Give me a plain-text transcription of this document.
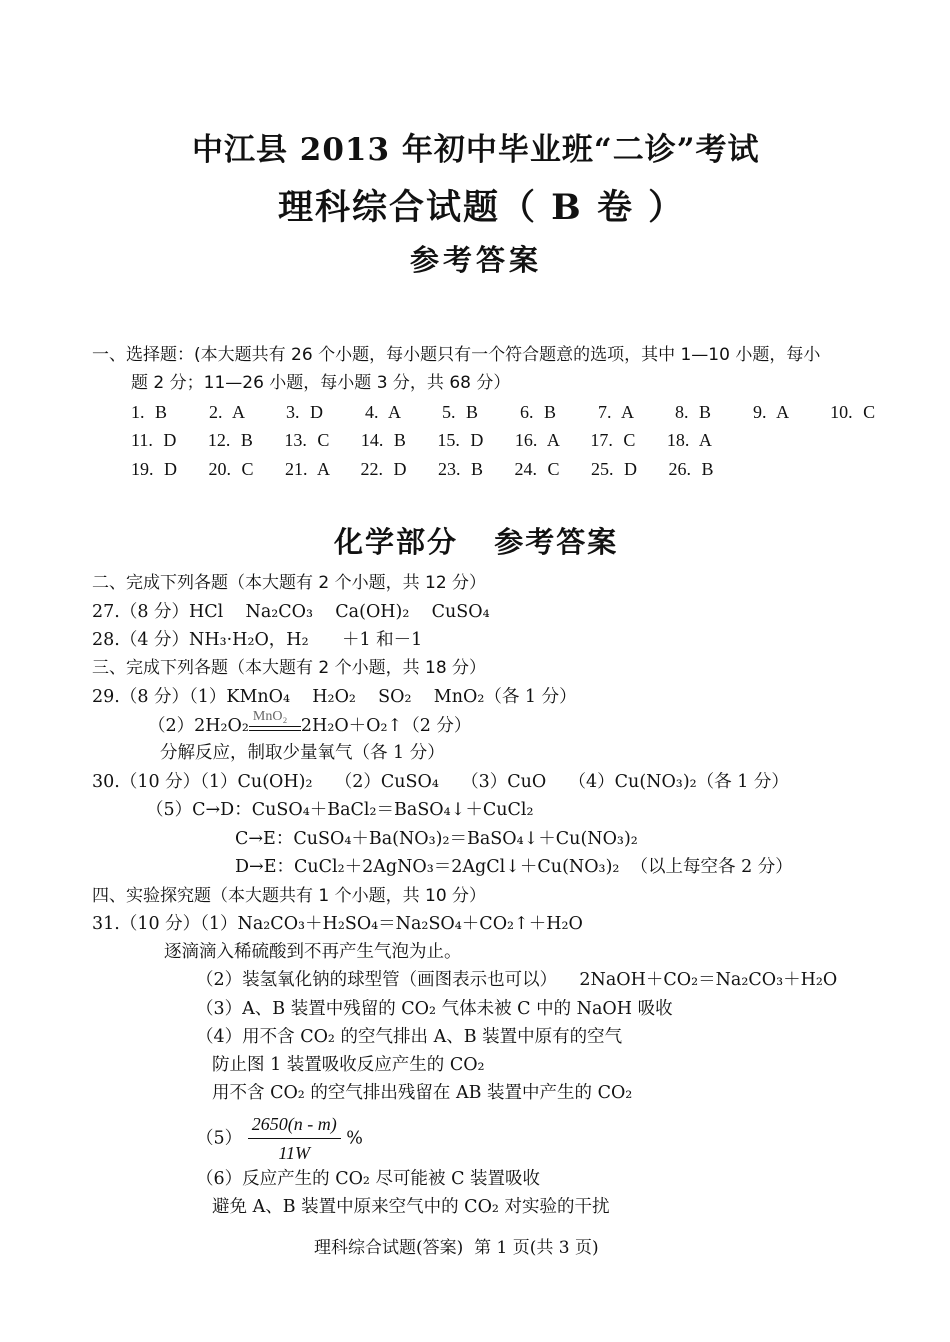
中江县 2013 年初中毕业班“二诊”考试
理科综合试题（ B 卷 ）
参考答案
一、选择题：(本大题共有 26 个小题，每小题只有一个符合题意的选项，其中 1—10 小题，每小
题 2 分；11—26 小题，每小题 3 分，共 68 分）
1. B    2. A    3. D    4. A    5. B    6. B    7. A    8. B    9. A    10. C
11. D   12. B   13. C   14. B   15. D   16. A   17. C   18. A
19. D   20. C   21. A   22. D   23. B   24. C   25. D   26. B
化学部分   参考答案
二、完成下列各题（本大题有 2 个小题，共 12 分）
27.（8 分）HCl    Na₂CO₃    Ca(OH)₂    CuSO₄
28.（4 分）NH₃·H₂O，H₂      ＋1 和－1
三、完成下列各题（本大题有 2 个小题，共 18 分）
29.（8 分）（1）KMnO₄    H₂O₂    SO₂    MnO₂（各 1 分）
（2）2H₂O₂ MnO₂ 2H₂O＋O₂↑（2 分）
分解反应，制取少量氧气（各 1 分）
30.（10 分）（1）Cu(OH)₂    （2）CuSO₄    （3）CuO    （4）Cu(NO₃)₂（各 1 分）
（5）C→D：CuSO₄＋BaCl₂＝BaSO₄↓＋CuCl₂
C→E：CuSO₄＋Ba(NO₃)₂＝BaSO₄↓＋Cu(NO₃)₂
D→E：CuCl₂＋2AgNO₃＝2AgCl↓＋Cu(NO₃)₂  （以上每空各 2 分）
四、实验探究题（本大题共有 1 个小题，共 10 分）
31.（10 分）（1）Na₂CO₃＋H₂SO₄＝Na₂SO₄＋CO₂↑＋H₂O
逐滴滴入稀硫酸到不再产生气泡为止。
（2）装氢氧化钠的球型管（画图表示也可以）    2NaOH＋CO₂＝Na₂CO₃＋H₂O
（3）A、B 装置中残留的 CO₂ 气体未被 C 中的 NaOH 吸收
（4）用不含 CO₂ 的空气排出 A、B 装置中原有的空气
防止图 1 装置吸收反应产生的 CO₂
用不含 CO₂ 的空气排出残留在 AB 装置中产生的 CO₂
$(5) \frac{2650(n - m)}{11W}$ %
（6）反应产生的 CO₂ 尽可能被 C 装置吸收
避免 A、B 装置中原来空气中的 CO₂ 对实验的干扰
理科综合试题(答案)  第 1 页(共 3 页)
